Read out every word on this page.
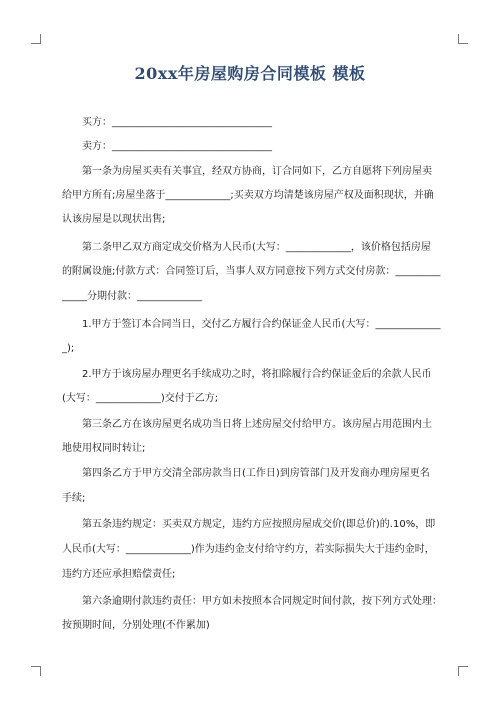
20xx年房屋购房合同模板 模板
买方：________________________________
卖方：________________________________
第一条为房屋买卖有关事宜，经双方协商，订合同如下，乙方自愿将下列房屋卖
给甲方所有;房屋坐落于_____________;买卖双方均清楚该房屋产权及面积现状，并确
认该房屋是以现状出售;
第二条甲乙双方商定成交价格为人民币(大写：_____________，该价格包括房屋
的附属设施;付款方式：合同签订后，当事人双方同意按下列方式交付房款：_________
_____分期付款：_____________
1.甲方于签订本合同当日，交付乙方履行合约保证金人民币(大写：_____________
_);
2.甲方于该房屋办理更名手续成功之时，将扣除履行合约保证金后的余款人民币
(大写：_____________)交付于乙方;
第三条乙方在该房屋更名成功当日将上述房屋交付给甲方。该房屋占用范围内土
地使用权同时转让;
第四条乙方于甲方交清全部房款当日(工作日)到房管部门及开发商办理房屋更名
手续;
第五条违约规定：买卖双方规定，违约方应按照房屋成交价(即总价)的.10%，即
人民币(大写：_____________)作为违约金支付给守约方，若实际损失大于违约金时，
违约方还应承担赔偿责任;
第六条逾期付款违约责任：甲方如未按照本合同规定时间付款，按下列方式处理：
按预期时间，分别处理(不作累加)
